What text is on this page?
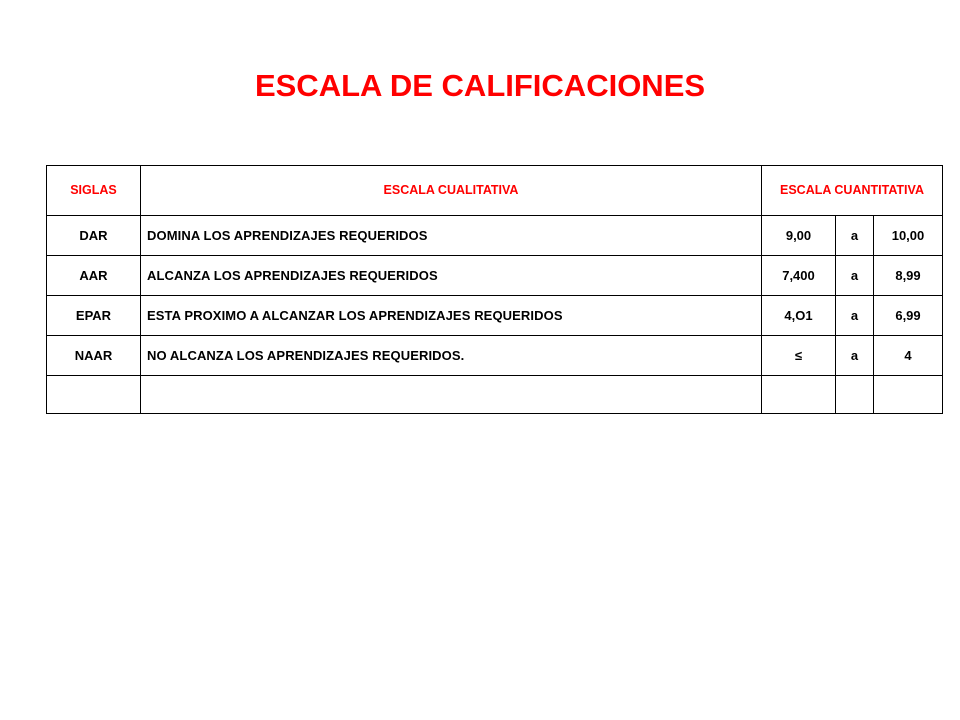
ESCALA DE CALIFICACIONES
SIGLAS	ESCALA CUALITATIVA	ESCALA CUANTITATIVA		
DAR	DOMINA LOS APRENDIZAJES REQUERIDOS	9,00	a	10,00
AAR	ALCANZA LOS APRENDIZAJES REQUERIDOS	7,400	a	8,99
EPAR	ESTA PROXIMO A ALCANZAR LOS APRENDIZAJES REQUERIDOS	4,O1	a	6,99
NAAR	NO ALCANZA LOS APRENDIZAJES REQUERIDOS.	≤	a	4
